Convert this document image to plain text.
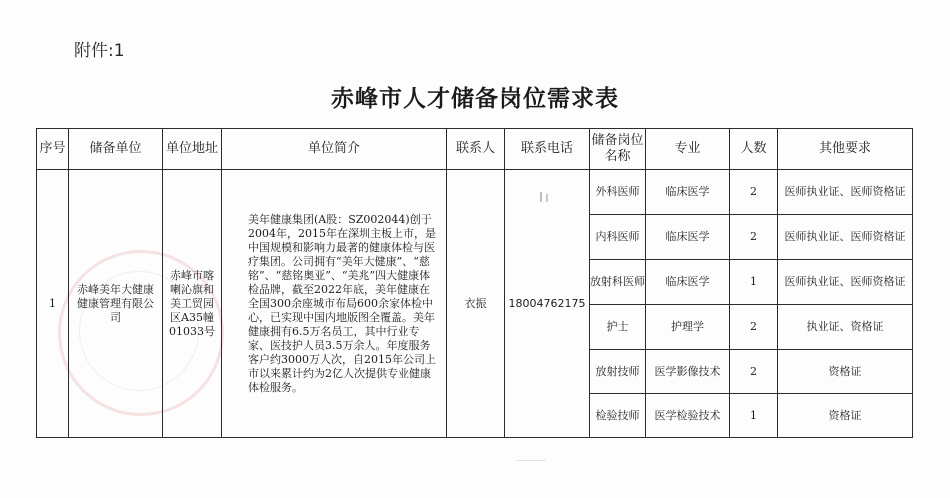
附件:1
赤峰市人才储备岗位需求表
序号	储备单位	单位地址	单位简介	联系人	联系电话	储备岗位名称	专业	人数	其他要求
1	赤峰美年大健康健康管理有限公司	赤峰市喀喇沁旗和美工贸园区A35幢01033号	美年健康集团(A股：SZ002044)创于2004年，2015年在深圳主板上市，是中国规模和影响力最著的健康体检与医疗集团。公司拥有“美年大健康”、“慈铭”、“慈铭奥亚”、“美兆”四大健康体检品牌，截至2022年底，美年健康在全国300余座城市布局600余家体检中心，已实现中国内地版图全覆盖。美年健康拥有6.5万名员工，其中行业专家、医技护人员3.5万余人。年度服务客户约3000万人次，自2015年公司上市以来累计约为2亿人次提供专业健康体检服务。	衣振	18004762175	外科医师	临床医学	2	医师执业证、医师资格证
						内科医师	临床医学	2	医师执业证、医师资格证
						放射科医师	临床医学	1	医师执业证、医师资格证
						护士	护理学	2	执业证、资格证
						放射技师	医学影像技术	2	资格证
						检验技师	医学检验技术	1	资格证
